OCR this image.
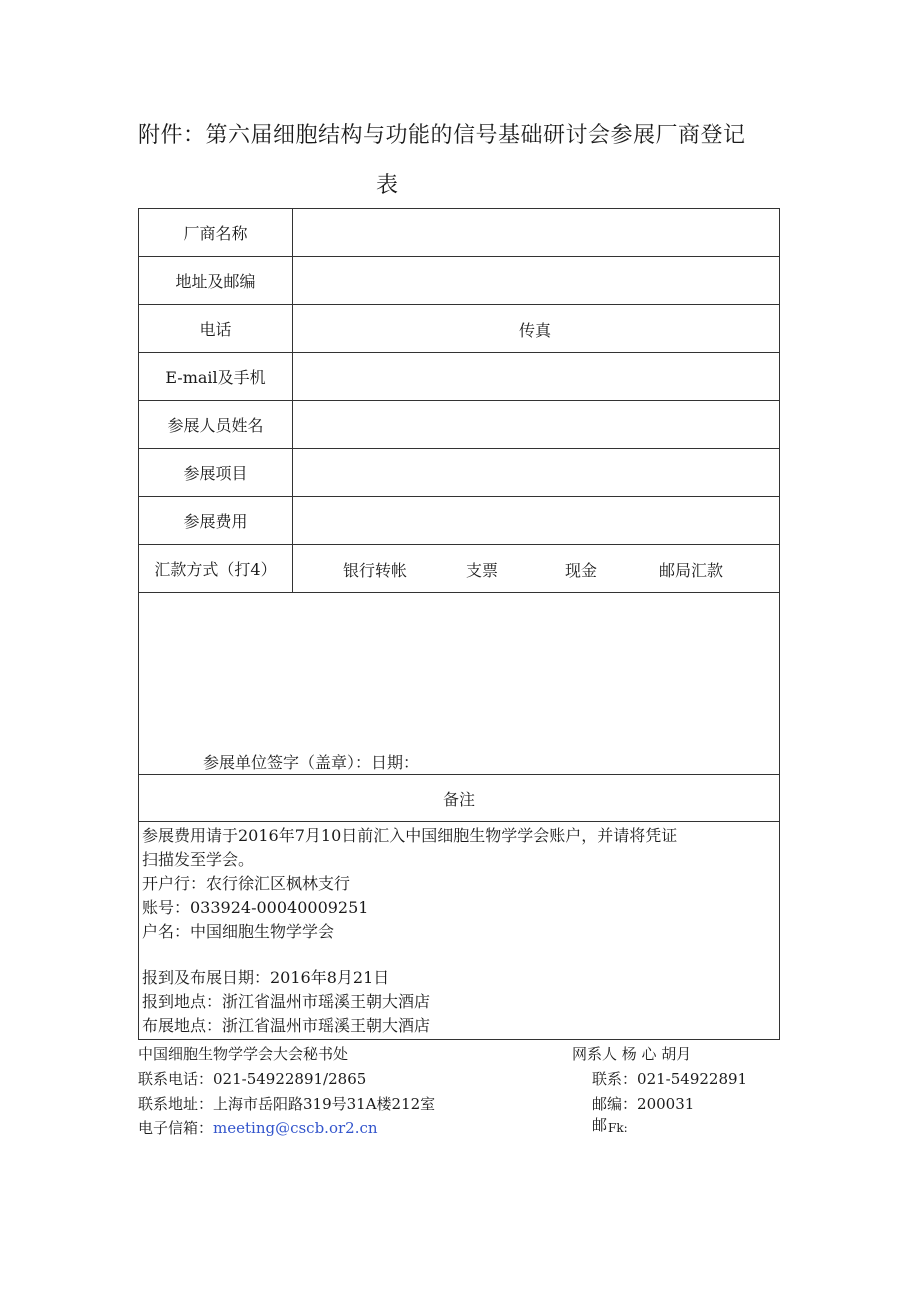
附件：第六届细胞结构与功能的信号基础研讨会参展厂商登记
表
厂商名称
地址及邮编
电话	传真
E-mail及手机
参展人员姓名
参展项目
参展费用
汇款方式（打4）	银行转帐	支票	现金	邮局汇款
参展单位签字（盖章）：日期：
备注
参展费用请于2016年7月10日前汇入中国细胞生物学学会账户，并请将凭证
扫描发至学会。
开户行：农行徐汇区枫林支行
账号：033924-00040009251
户名：中国细胞生物学学会
报到及布展日期：2016年8月21日
报到地点：浙江省温州市瑶溪王朝大酒店
布展地点：浙江省温州市瑶溪王朝大酒店
中国细胞生物学学会大会秘书处
联系电话：021-54922891/2865
联系地址：上海市岳阳路319号31A楼212室
电子信箱：meeting@cscb.or2.cn
网系人 杨 心 胡月
联系：021-54922891
邮编：200031
邮 Fk:
